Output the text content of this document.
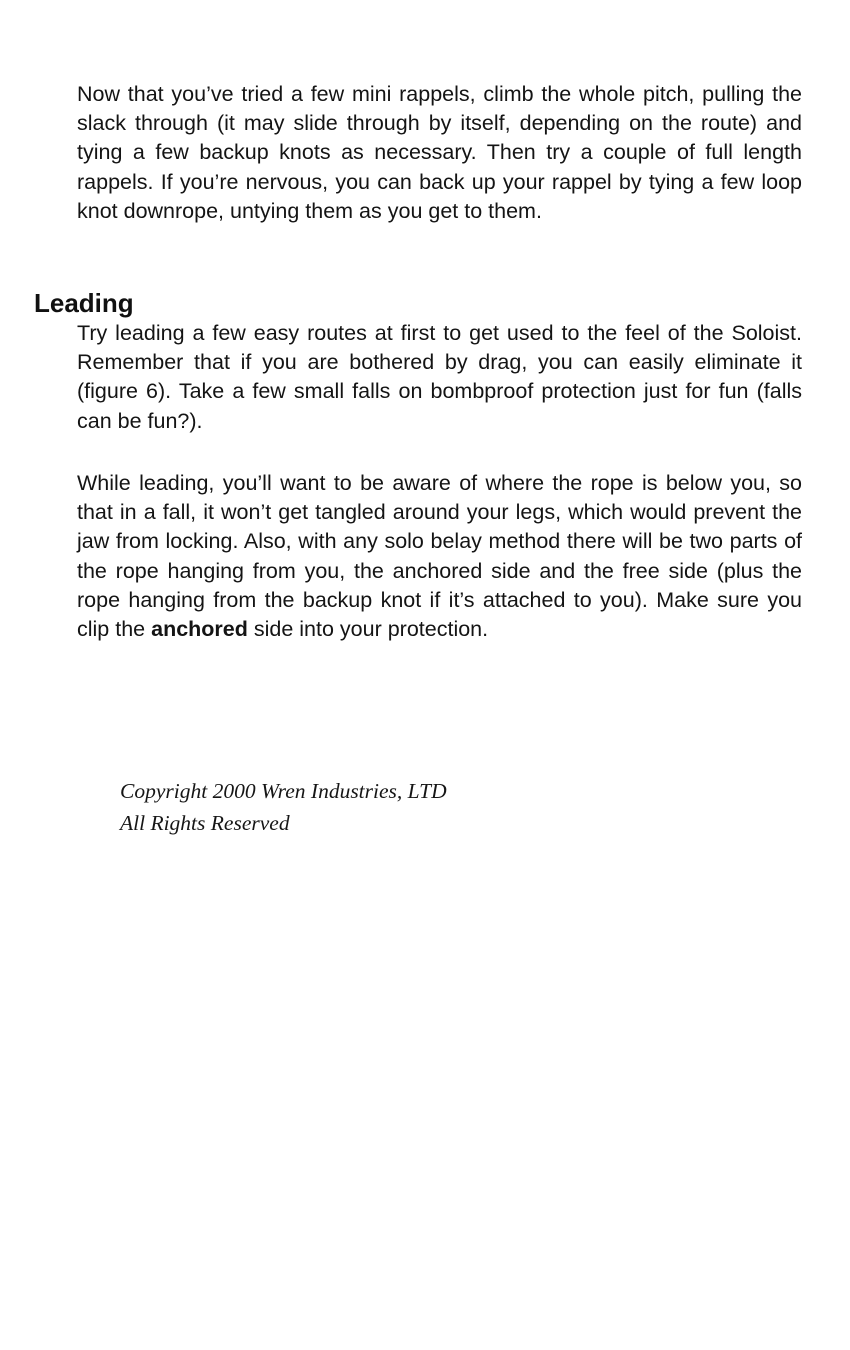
Now that you’ve tried a few mini rappels, climb the whole pitch, pulling the slack through (it may slide through by itself, depending on the route) and tying a few backup knots as necessary. Then try a couple of full length rappels. If you’re nervous, you can back up your rappel by tying a few loop knot downrope, untying them as you get to them.

Leading

Try leading a few easy routes at first to get used to the feel of the Soloist. Remember that if you are bothered by drag, you can easily eliminate it (figure 6). Take a few small falls on bombproof protection just for fun (falls can be fun?).

While leading, you’ll want to be aware of where the rope is below you, so that in a fall, it won’t get tangled around your legs, which would prevent the jaw from locking. Also, with any solo belay method there will be two parts of the rope hanging from you, the anchored side and the free side (plus the rope hanging from the backup knot if it’s attached to you). Make sure you clip the anchored side into your protection.

Copyright 2000 Wren Industries, LTD
All Rights Reserved
